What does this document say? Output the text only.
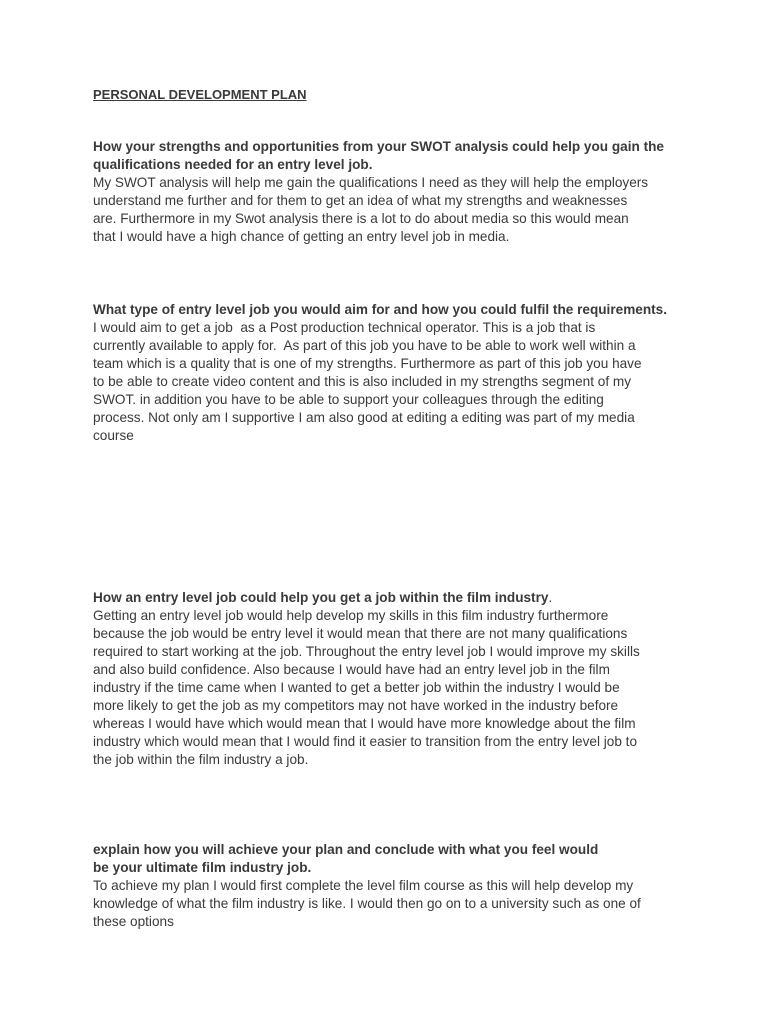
PERSONAL DEVELOPMENT PLAN
How your strengths and opportunities from your SWOT analysis could help you gain the
qualifications needed for an entry level job.
My SWOT analysis will help me gain the qualifications I need as they will help the employers
understand me further and for them to get an idea of what my strengths and weaknesses
are. Furthermore in my Swot analysis there is a lot to do about media so this would mean
that I would have a high chance of getting an entry level job in media.
What type of entry level job you would aim for and how you could fulfil the requirements.
I would aim to get a job  as a Post production technical operator. This is a job that is
currently available to apply for.  As part of this job you have to be able to work well within a
team which is a quality that is one of my strengths. Furthermore as part of this job you have
to be able to create video content and this is also included in my strengths segment of my
SWOT. in addition you have to be able to support your colleagues through the editing
process. Not only am I supportive I am also good at editing a editing was part of my media
course
How an entry level job could help you get a job within the film industry.
Getting an entry level job would help develop my skills in this film industry furthermore
because the job would be entry level it would mean that there are not many qualifications
required to start working at the job. Throughout the entry level job I would improve my skills
and also build confidence. Also because I would have had an entry level job in the film
industry if the time came when I wanted to get a better job within the industry I would be
more likely to get the job as my competitors may not have worked in the industry before
whereas I would have which would mean that I would have more knowledge about the film
industry which would mean that I would find it easier to transition from the entry level job to
the job within the film industry a job.
explain how you will achieve your plan and conclude with what you feel would
be your ultimate film industry job.
To achieve my plan I would first complete the level film course as this will help develop my
knowledge of what the film industry is like. I would then go on to a university such as one of
these options
